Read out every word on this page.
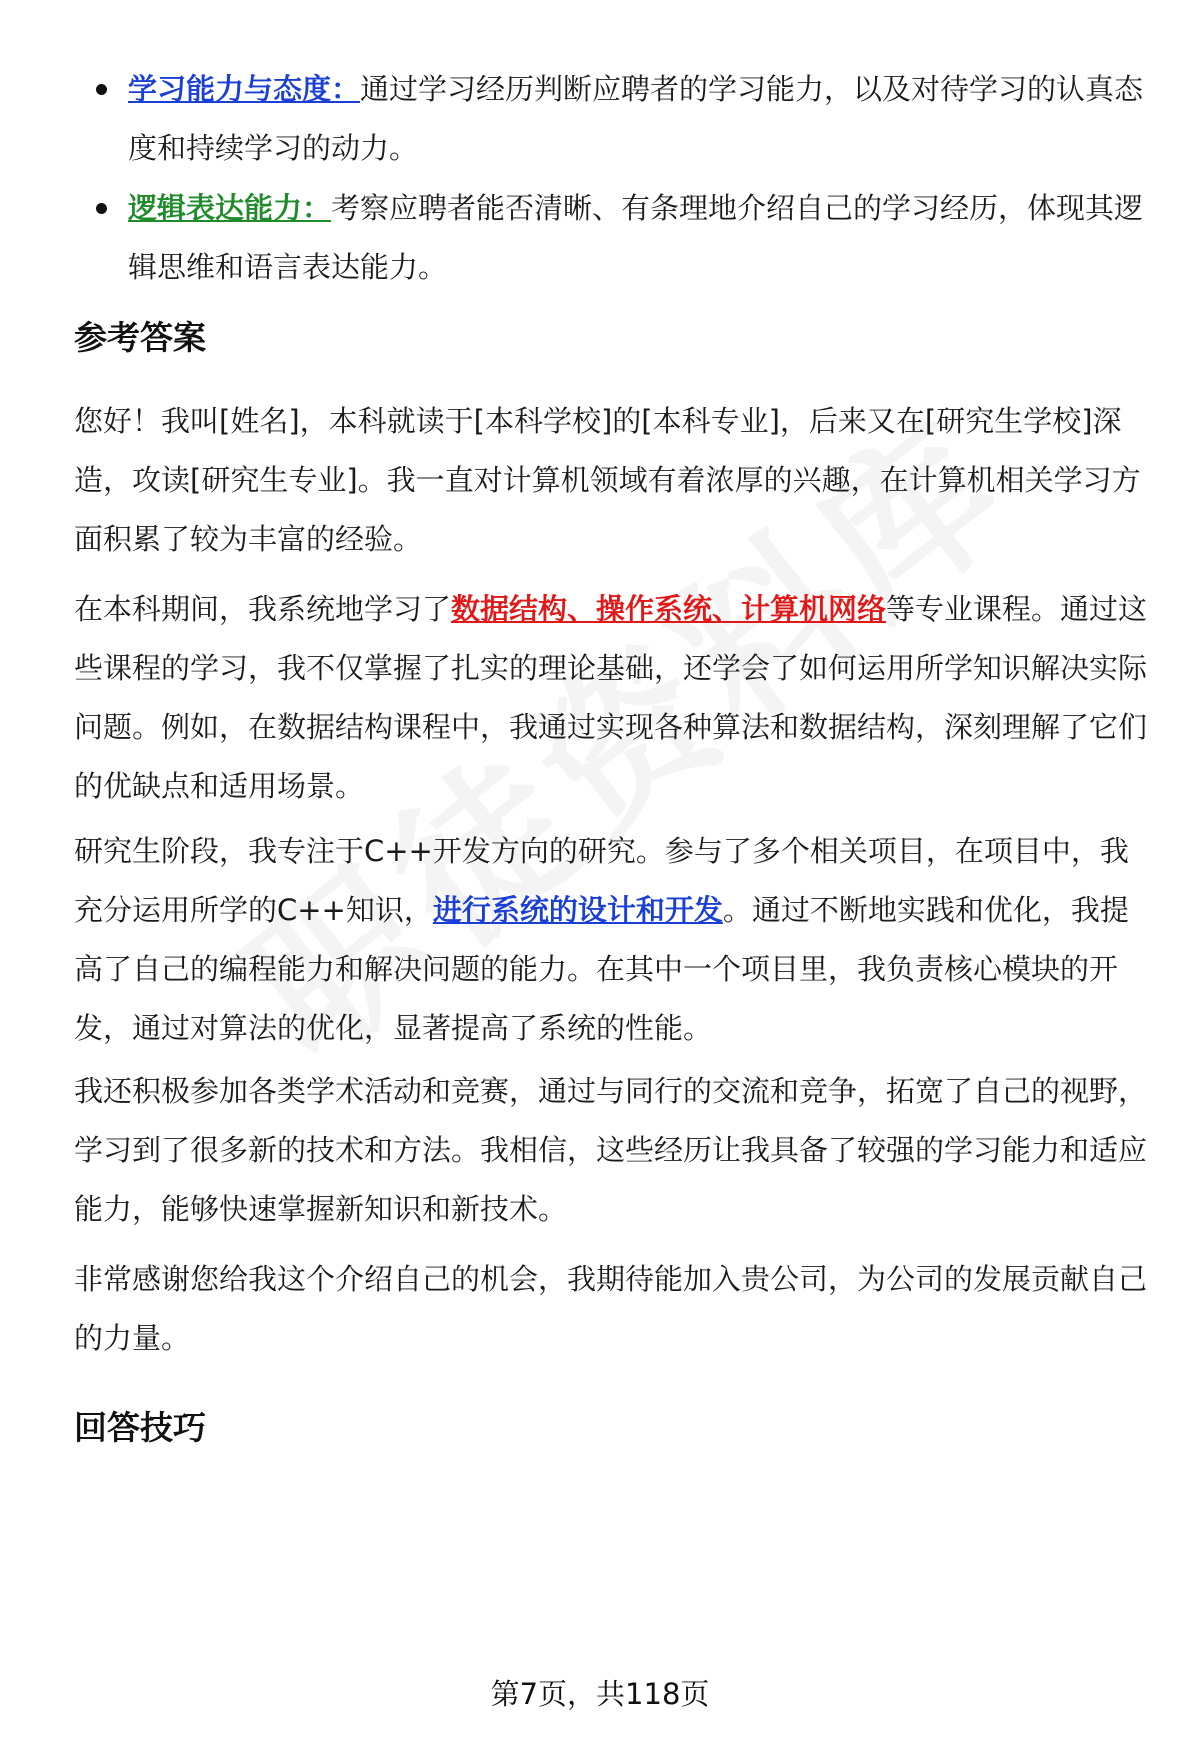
学习能力与态度：通过学习经历判断应聘者的学习能力，以及对待学习的认真态度和持续学习的动力。
逻辑表达能力：考察应聘者能否清晰、有条理地介绍自己的学习经历，体现其逻辑思维和语言表达能力。
参考答案

您好！我叫[姓名]，本科就读于[本科学校]的[本科专业]，后来又在[研究生学校]深造，攻读[研究生专业]。我一直对计算机领域有着浓厚的兴趣，在计算机相关学习方面积累了较为丰富的经验。

在本科期间，我系统地学习了数据结构、操作系统、计算机网络等专业课程。通过这些课程的学习，我不仅掌握了扎实的理论基础，还学会了如何运用所学知识解决实际问题。例如，在数据结构课程中，我通过实现各种算法和数据结构，深刻理解了它们的优缺点和适用场景。

研究生阶段，我专注于C++开发方向的研究。参与了多个相关项目，在项目中，我充分运用所学的C++知识，进行系统的设计和开发。通过不断地实践和优化，我提高了自己的编程能力和解决问题的能力。在其中一个项目里，我负责核心模块的开发，通过对算法的优化，显著提高了系统的性能。

我还积极参加各类学术活动和竞赛，通过与同行的交流和竞争，拓宽了自己的视野，学习到了很多新的技术和方法。我相信，这些经历让我具备了较强的学习能力和适应能力，能够快速掌握新知识和新技术。

非常感谢您给我这个介绍自己的机会，我期待能加入贵公司，为公司的发展贡献自己的力量。

回答技巧
第7页，共118页
